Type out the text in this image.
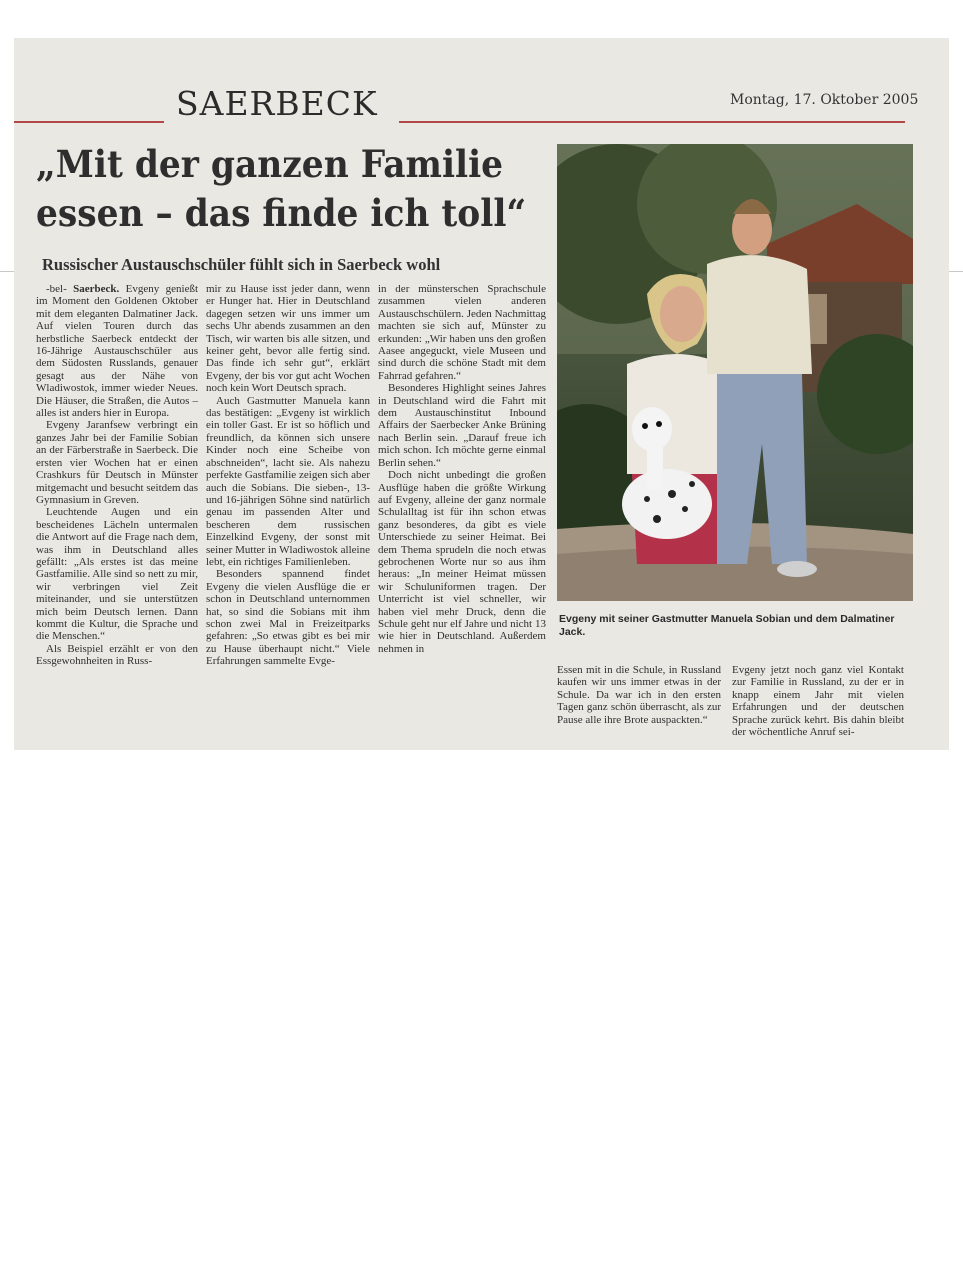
SAERBECK	Montag, 17. Oktober 2005
„Mit der ganzen Familie
essen – das finde ich toll“
Russischer Austauschschüler fühlt sich in Saerbeck wohl

-bel- Saerbeck. Evgeny genießt im Moment den Goldenen Oktober mit dem eleganten Dalmatiner Jack. Auf vielen Touren durch das herbstliche Saerbeck entdeckt der 16-Jährige Austauschschüler aus dem Südosten Russlands, genauer gesagt aus der Nähe von Wladiwostok, immer wieder Neues. Die Häuser, die Straßen, die Autos – alles ist anders hier in Europa.

Evgeny Jaranfsew verbringt ein ganzes Jahr bei der Familie Sobian an der Färberstraße in Saerbeck. Die ersten vier Wochen hat er einen Crashkurs für Deutsch in Münster mitgemacht und besucht seitdem das Gymnasium in Greven.

Leuchtende Augen und ein bescheidenes Lächeln untermalen die Antwort auf die Frage nach dem, was ihm in Deutschland alles gefällt: „Als erstes ist das meine Gastfamilie. Alle sind so nett zu mir, wir verbringen viel Zeit miteinander, und sie unterstützen mich beim Deutsch lernen. Dann kommt die Kultur, die Sprache und die Menschen.“

Als Beispiel erzählt er von den Essgewohnheiten in Russ-

mir zu Hause isst jeder dann, wenn er Hunger hat. Hier in Deutschland dagegen setzen wir uns immer um sechs Uhr abends zusammen an den Tisch, wir warten bis alle sitzen, und keiner geht, bevor alle fertig sind. Das finde ich sehr gut“, erklärt Evgeny, der bis vor gut acht Wochen noch kein Wort Deutsch sprach.

Auch Gastmutter Manuela kann das bestätigen: „Evgeny ist wirklich ein toller Gast. Er ist so höflich und freundlich, da können sich unsere Kinder noch eine Scheibe von abschneiden“, lacht sie. Als nahezu perfekte Gastfamilie zeigen sich aber auch die Sobians. Die sieben-, 13- und 16-jährigen Söhne sind natürlich genau im passenden Alter und bescheren dem russischen Einzelkind Evgeny, der sonst mit seiner Mutter in Wladiwostok alleine lebt, ein richtiges Familienleben.

Besonders spannend findet Evgeny die vielen Ausflüge die er schon in Deutschland unternommen hat, so sind die Sobians mit ihm schon zwei Mal in Freizeitparks gefahren: „So etwas gibt es bei mir zu Hause überhaupt nicht.“ Viele Erfahrungen sammelte Evge-

in der münsterschen Sprachschule zusammen vielen anderen Austauschschülern. Jeden Nachmittag machten sie sich auf, Münster zu erkunden: „Wir haben uns den großen Aasee angeguckt, viele Museen und sind durch die schöne Stadt mit dem Fahrrad gefahren.“

Besonderes Highlight seines Jahres in Deutschland wird die Fahrt mit dem Austauschinstitut Inbound Affairs der Saerbecker Anke Brüning nach Berlin sein. „Darauf freue ich mich schon. Ich möchte gerne einmal Berlin sehen.“

Doch nicht unbedingt die großen Ausflüge haben die größte Wirkung auf Evgeny, alleine der ganz normale Schulalltag ist für ihn schon etwas ganz besonderes, da gibt es viele Unterschiede zu seiner Heimat. Bei dem Thema sprudeln die noch etwas gebrochenen Worte nur so aus ihm heraus: „In meiner Heimat müssen wir Schuluniformen tragen. Der Unterricht ist viel schneller, wir haben viel mehr Druck, denn die Schule geht nur elf Jahre und nicht 13 wie hier in Deutschland. Außerdem nehmen in

Evgeny mit seiner Gastmutter Manuela Sobian und dem Dalmatiner Jack.

Essen mit in die Schule, in Russland kaufen wir uns immer etwas in der Schule. Da war ich in den ersten Tagen ganz schön überrascht, als zur Pause alle ihre Brote auspackten.“

Evgeny jetzt noch ganz viel Kontakt zur Familie in Russland, zu der er in knapp einem Jahr mit vielen Erfahrungen und der deutschen Sprache zurück kehrt. Bis dahin bleibt der wöchentliche Anruf sei-
